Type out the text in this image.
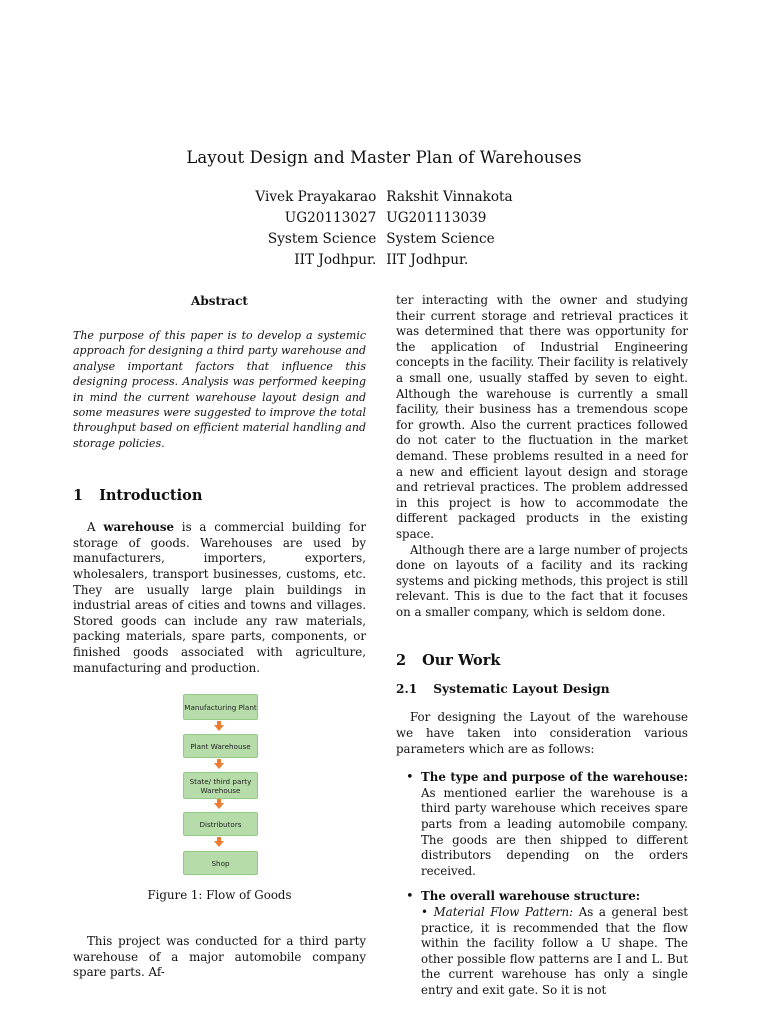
Layout Design and Master Plan of Warehouses
Vivek Prayakarao
UG20113027
System Science
IIT Jodhpur.
Rakshit Vinnakota
UG201113039
System Science
IIT Jodhpur.
Abstract

The purpose of this paper is to develop a systemic approach for designing a third party warehouse and analyse important factors that influence this designing process. Analysis was performed keeping in mind the current warehouse layout design and some measures were suggested to improve the total throughput based on efficient material handling and storage policies.

1 Introduction

A warehouse is a commercial building for storage of goods. Warehouses are used by manufacturers, importers, exporters, wholesalers, transport businesses, customs, etc. They are usually large plain buildings in industrial areas of cities and towns and villages. Stored goods can include any raw materials, packing materials, spare parts, components, or finished goods associated with agriculture, manufacturing and production.

Manufacturing Plant
Plant Warehouse
State/ third party Warehouse
Distributors
Shop
Figure 1: Flow of Goods

This project was conducted for a third party warehouse of a major automobile company spare parts. Af-

ter interacting with the owner and studying their current storage and retrieval practices it was determined that there was opportunity for the application of Industrial Engineering concepts in the facility. Their facility is relatively a small one, usually staffed by seven to eight. Although the warehouse is currently a small facility, their business has a tremendous scope for growth. Also the current practices followed do not cater to the fluctuation in the market demand. These problems resulted in a need for a new and efficient layout design and storage and retrieval practices. The problem addressed in this project is how to accommodate the different packaged products in the existing space.

Although there are a large number of projects done on layouts of a facility and its racking systems and picking methods, this project is still relevant. This is due to the fact that it focuses on a smaller company, which is seldom done.

2 Our Work
2.1 Systematic Layout Design

For designing the Layout of the warehouse we have taken into consideration various parameters which are as follows:

• The type and purpose of the warehouse: As mentioned earlier the warehouse is a third party warehouse which receives spare parts from a leading automobile company. The goods are then shipped to different distributors depending on the orders received.
• The overall warehouse structure:
• Material Flow Pattern: As a general best practice, it is recommended that the flow within the facility follow a U shape. The other possible flow patterns are I and L. But the current warehouse has only a single entry and exit gate. So it is not
